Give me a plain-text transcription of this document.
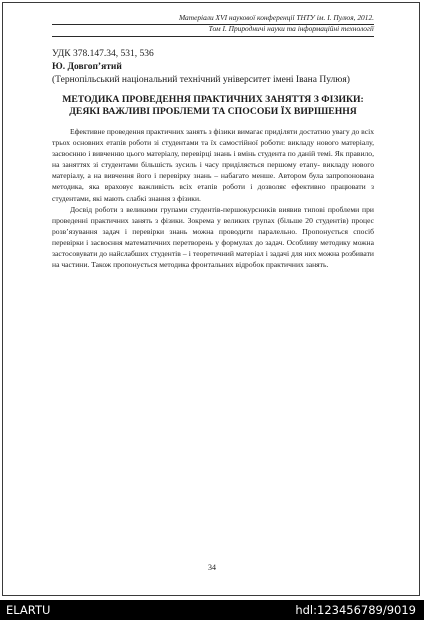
Матеріали XVI наукової конференції ТНТУ ім. І. Пулюя, 2012.
Том I. Природничі науки та інформаційні технології
УДК 378.147.34, 531, 536
Ю. Довгоп’ятий
(Тернопільський національний технічний університет імені Івана Пулюя)
МЕТОДИКА ПРОВЕДЕННЯ ПРАКТИЧНИХ ЗАНЯТТЯ З ФІЗИКИ:
ДЕЯКІ ВАЖЛИВІ ПРОБЛЕМИ ТА СПОСОБИ ЇХ ВИРІШЕННЯ

Ефективне проведення практичних занять з фізики вимагає приділяти достатню увагу до всіх трьох основних етапів роботи зі студентами та їх самостійної роботи: викладу нового матеріалу, засвоєнню і вивченню цього матеріалу, перевірці знань і вмінь студента по даній темі. Як правило, на заняттях зі студентами більшість зусиль і часу приділяється першому етапу- викладу нового матеріалу, а на вивчення його і перевірку знань – набагато менше. Автором була запропонована методика, яка враховує важливість всіх етапів роботи і дозволяє ефективно працювати з студентами, які мають слабкі знання з фізики.

Досвід роботи з великими групами студентів-першокурсників виявив типові проблеми при проведенні практичних занять з фізики. Зокрема у великих групах (більше 20 студентів) процес розв’язування задач і перевірки знань можна проводити паралельно. Пропонується спосіб перевірки і засвоєння математичних перетворень у формулах до задач. Особливу методику можна застосовувати до найслабших студентів – і теоретичний матеріал і задачі для них можна розбивати на частини. Також пропонується методика фронтальних відробок практичних занять.

34
ELARTU	hdl:123456789/9019
